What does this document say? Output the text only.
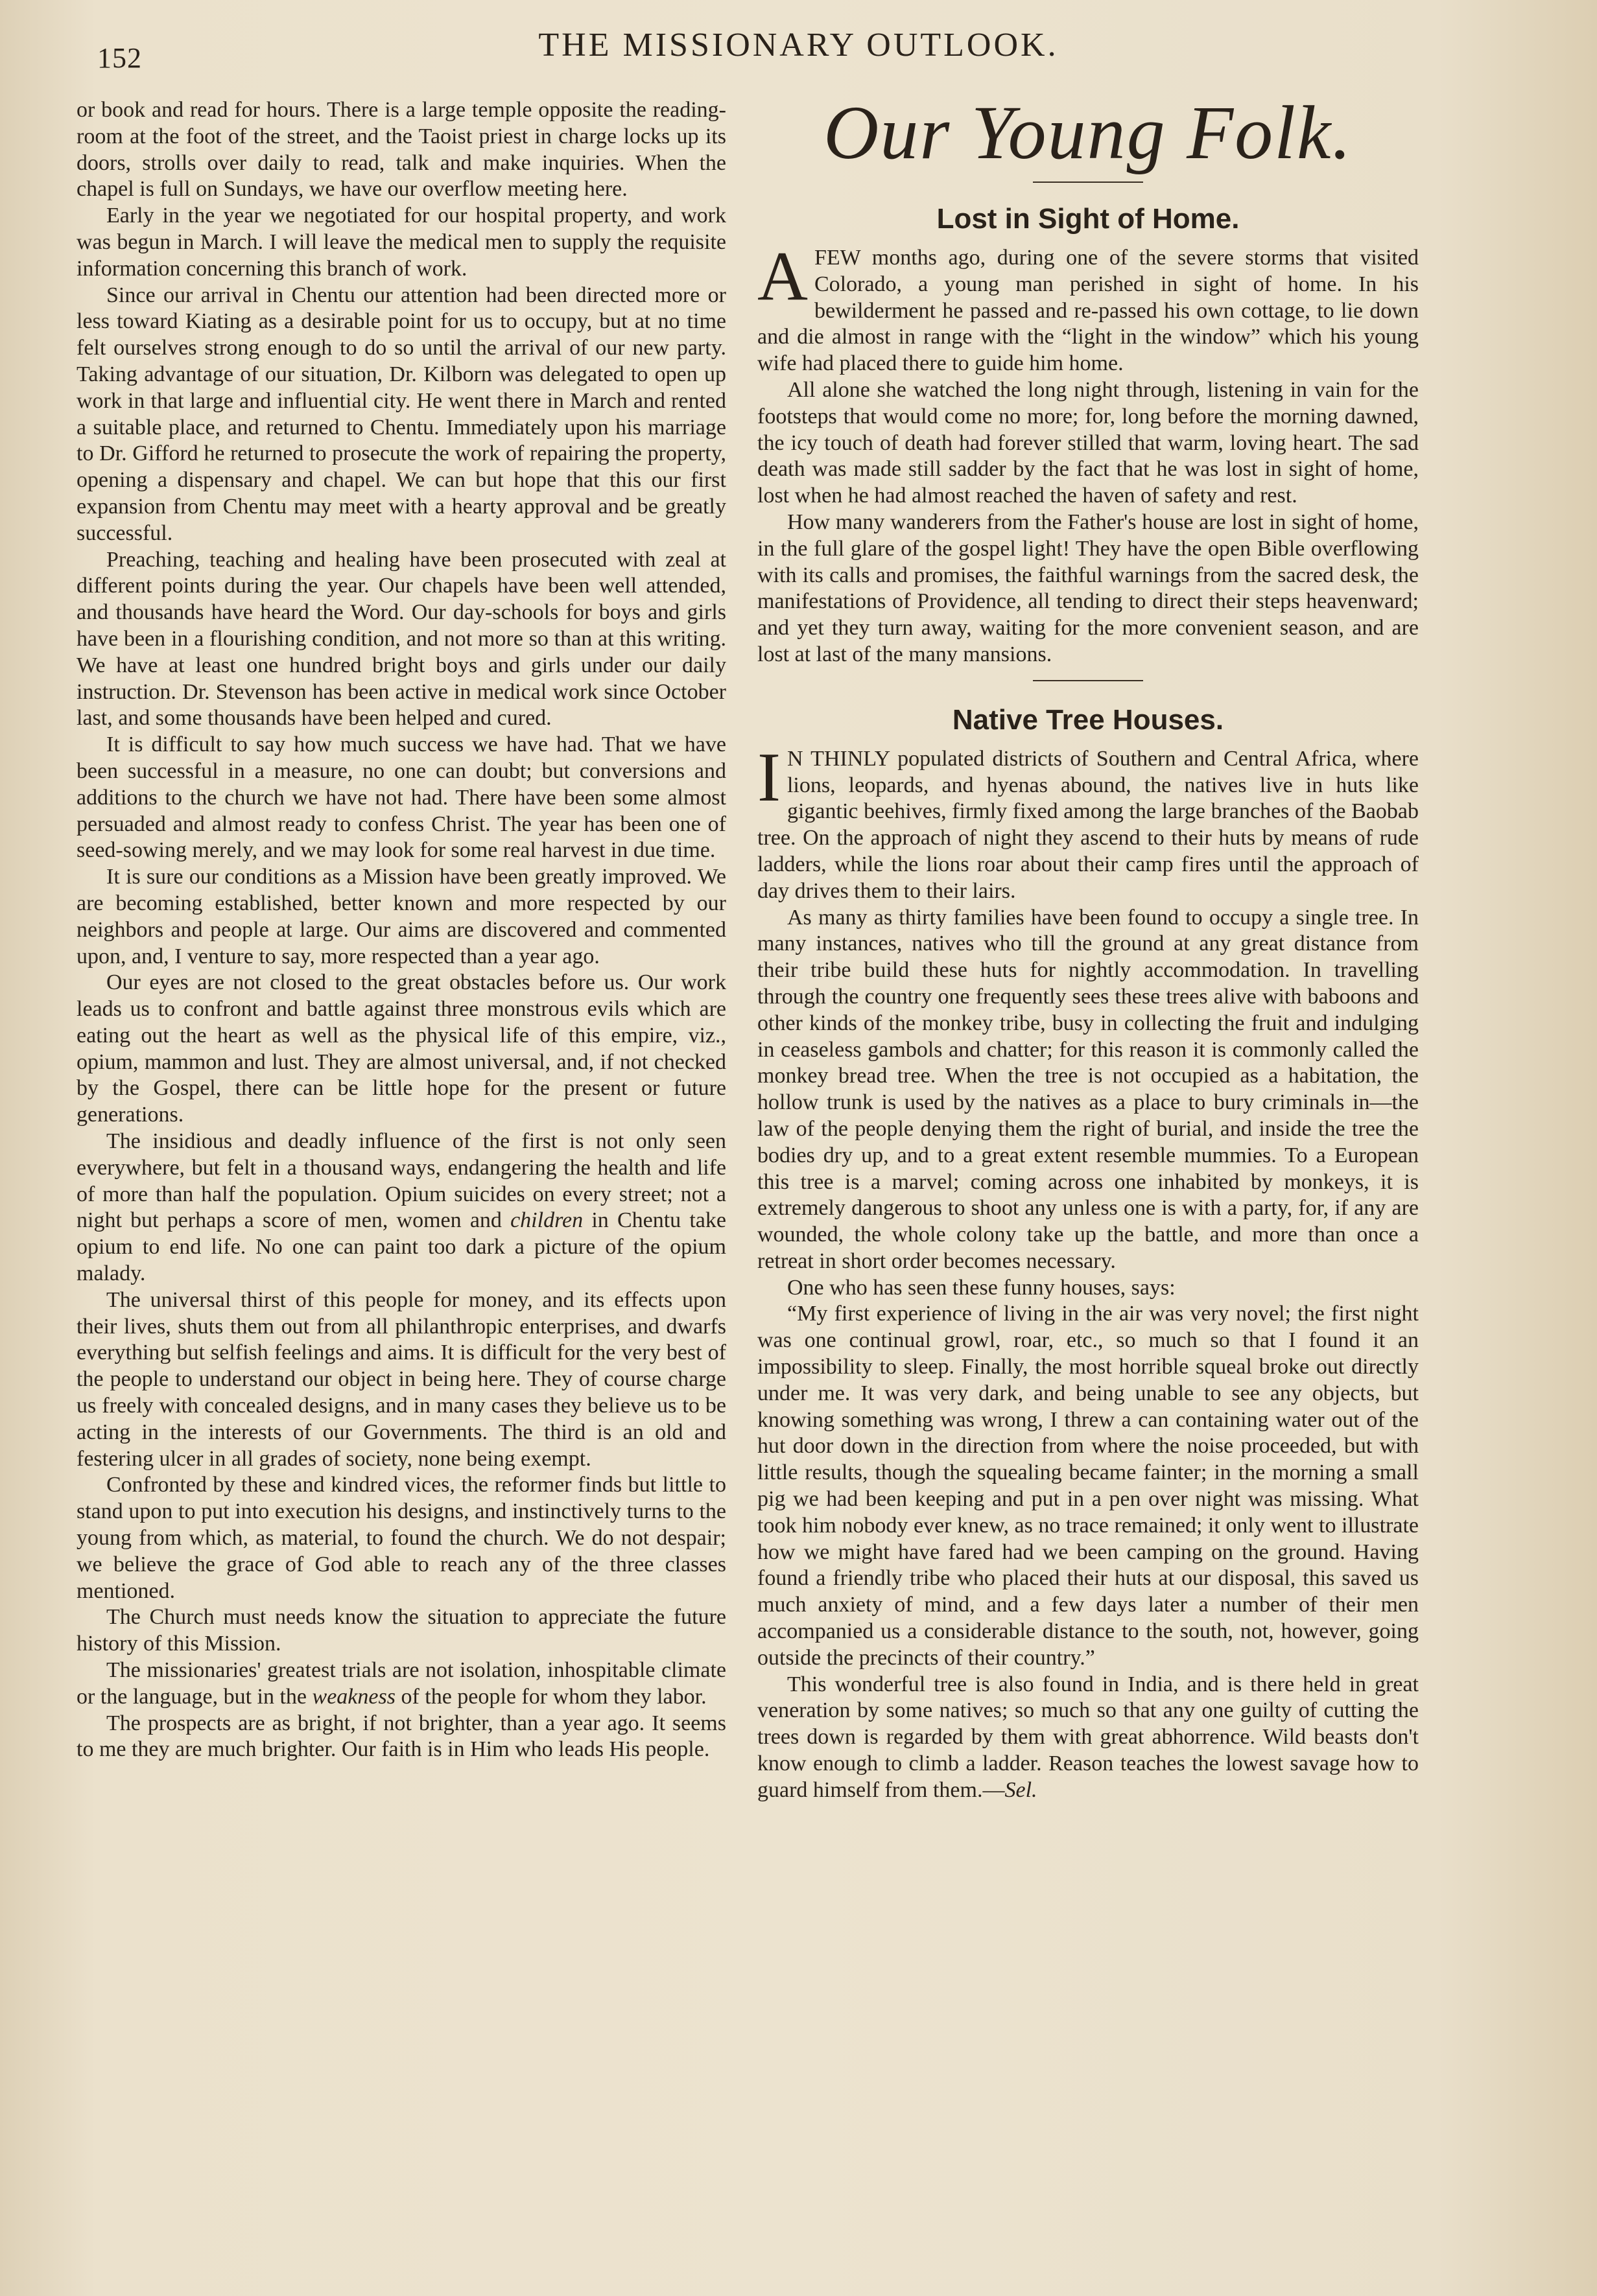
152	THE MISSIONARY OUTLOOK.

or book and read for hours. There is a large temple opposite the reading-room at the foot of the street, and the Taoist priest in charge locks up its doors, strolls over daily to read, talk and make inquiries. When the chapel is full on Sundays, we have our overflow meeting here.

Early in the year we negotiated for our hospital property, and work was begun in March. I will leave the medical men to supply the requisite information concerning this branch of work.

Since our arrival in Chentu our attention had been directed more or less toward Kiating as a desirable point for us to occupy, but at no time felt ourselves strong enough to do so until the arrival of our new party. Taking advantage of our situation, Dr. Kilborn was delegated to open up work in that large and influential city. He went there in March and rented a suitable place, and returned to Chentu. Immediately upon his marriage to Dr. Gifford he returned to prosecute the work of repairing the property, opening a dispensary and chapel. We can but hope that this our first expansion from Chentu may meet with a hearty approval and be greatly successful.

Preaching, teaching and healing have been prosecuted with zeal at different points during the year. Our chapels have been well attended, and thousands have heard the Word. Our day-schools for boys and girls have been in a flourishing condition, and not more so than at this writing. We have at least one hundred bright boys and girls under our daily instruction. Dr. Stevenson has been active in medical work since October last, and some thousands have been helped and cured.

It is difficult to say how much success we have had. That we have been successful in a measure, no one can doubt; but conversions and additions to the church we have not had. There have been some almost persuaded and almost ready to confess Christ. The year has been one of seed-sowing merely, and we may look for some real harvest in due time.

It is sure our conditions as a Mission have been greatly improved. We are becoming established, better known and more respected by our neighbors and people at large. Our aims are discovered and commented upon, and, I venture to say, more respected than a year ago.

Our eyes are not closed to the great obstacles before us. Our work leads us to confront and battle against three monstrous evils which are eating out the heart as well as the physical life of this empire, viz., opium, mammon and lust. They are almost universal, and, if not checked by the Gospel, there can be little hope for the present or future generations.

The insidious and deadly influence of the first is not only seen everywhere, but felt in a thousand ways, endangering the health and life of more than half the population. Opium suicides on every street; not a night but perhaps a score of men, women and children in Chentu take opium to end life. No one can paint too dark a picture of the opium malady.

The universal thirst of this people for money, and its effects upon their lives, shuts them out from all philanthropic enterprises, and dwarfs everything but selfish feelings and aims. It is difficult for the very best of the people to understand our object in being here. They of course charge us freely with concealed designs, and in many cases they believe us to be acting in the interests of our Governments. The third is an old and festering ulcer in all grades of society, none being exempt.

Confronted by these and kindred vices, the reformer finds but little to stand upon to put into execution his designs, and instinctively turns to the young from which, as material, to found the church. We do not despair; we believe the grace of God able to reach any of the three classes mentioned.

The Church must needs know the situation to appreciate the future history of this Mission.

The missionaries' greatest trials are not isolation, inhospitable climate or the language, but in the weakness of the people for whom they labor.

The prospects are as bright, if not brighter, than a year ago. It seems to me they are much brighter. Our faith is in Him who leads His people.

Our Young Folk.
Lost in Sight of Home.

AFEW months ago, during one of the severe storms that visited Colorado, a young man perished in sight of home. In his bewilderment he passed and re-passed his own cottage, to lie down and die almost in range with the “light in the window” which his young wife had placed there to guide him home.

All alone she watched the long night through, listening in vain for the footsteps that would come no more; for, long before the morning dawned, the icy touch of death had forever stilled that warm, loving heart. The sad death was made still sadder by the fact that he was lost in sight of home, lost when he had almost reached the haven of safety and rest.

How many wanderers from the Father's house are lost in sight of home, in the full glare of the gospel light! They have the open Bible overflowing with its calls and promises, the faithful warnings from the sacred desk, the manifestations of Providence, all tending to direct their steps heavenward; and yet they turn away, waiting for the more convenient season, and are lost at last of the many mansions.

Native Tree Houses.

I N THINLY populated districts of Southern and Central Africa, where lions, leopards, and hyenas abound, the natives live in huts like gigantic beehives, firmly fixed among the large branches of the Baobab tree. On the approach of night they ascend to their huts by means of rude ladders, while the lions roar about their camp fires until the approach of day drives them to their lairs.

As many as thirty families have been found to occupy a single tree. In many instances, natives who till the ground at any great distance from their tribe build these huts for nightly accommodation. In travelling through the country one frequently sees these trees alive with baboons and other kinds of the monkey tribe, busy in collecting the fruit and indulging in ceaseless gambols and chatter; for this reason it is commonly called the monkey bread tree. When the tree is not occupied as a habitation, the hollow trunk is used by the natives as a place to bury criminals in—the law of the people denying them the right of burial, and inside the tree the bodies dry up, and to a great extent resemble mummies. To a European this tree is a marvel; coming across one inhabited by monkeys, it is extremely dangerous to shoot any unless one is with a party, for, if any are wounded, the whole colony take up the battle, and more than once a retreat in short order becomes necessary.

One who has seen these funny houses, says:

“My first experience of living in the air was very novel; the first night was one continual growl, roar, etc., so much so that I found it an impossibility to sleep. Finally, the most horrible squeal broke out directly under me. It was very dark, and being unable to see any objects, but knowing something was wrong, I threw a can containing water out of the hut door down in the direction from where the noise proceeded, but with little results, though the squealing became fainter; in the morning a small pig we had been keeping and put in a pen over night was missing. What took him nobody ever knew, as no trace remained; it only went to illustrate how we might have fared had we been camping on the ground. Having found a friendly tribe who placed their huts at our disposal, this saved us much anxiety of mind, and a few days later a number of their men accompanied us a considerable distance to the south, not, however, going outside the precincts of their country.”

This wonderful tree is also found in India, and is there held in great veneration by some natives; so much so that any one guilty of cutting the trees down is regarded by them with great abhorrence. Wild beasts don't know enough to climb a ladder. Reason teaches the lowest savage how to guard himself from them.—Sel.
